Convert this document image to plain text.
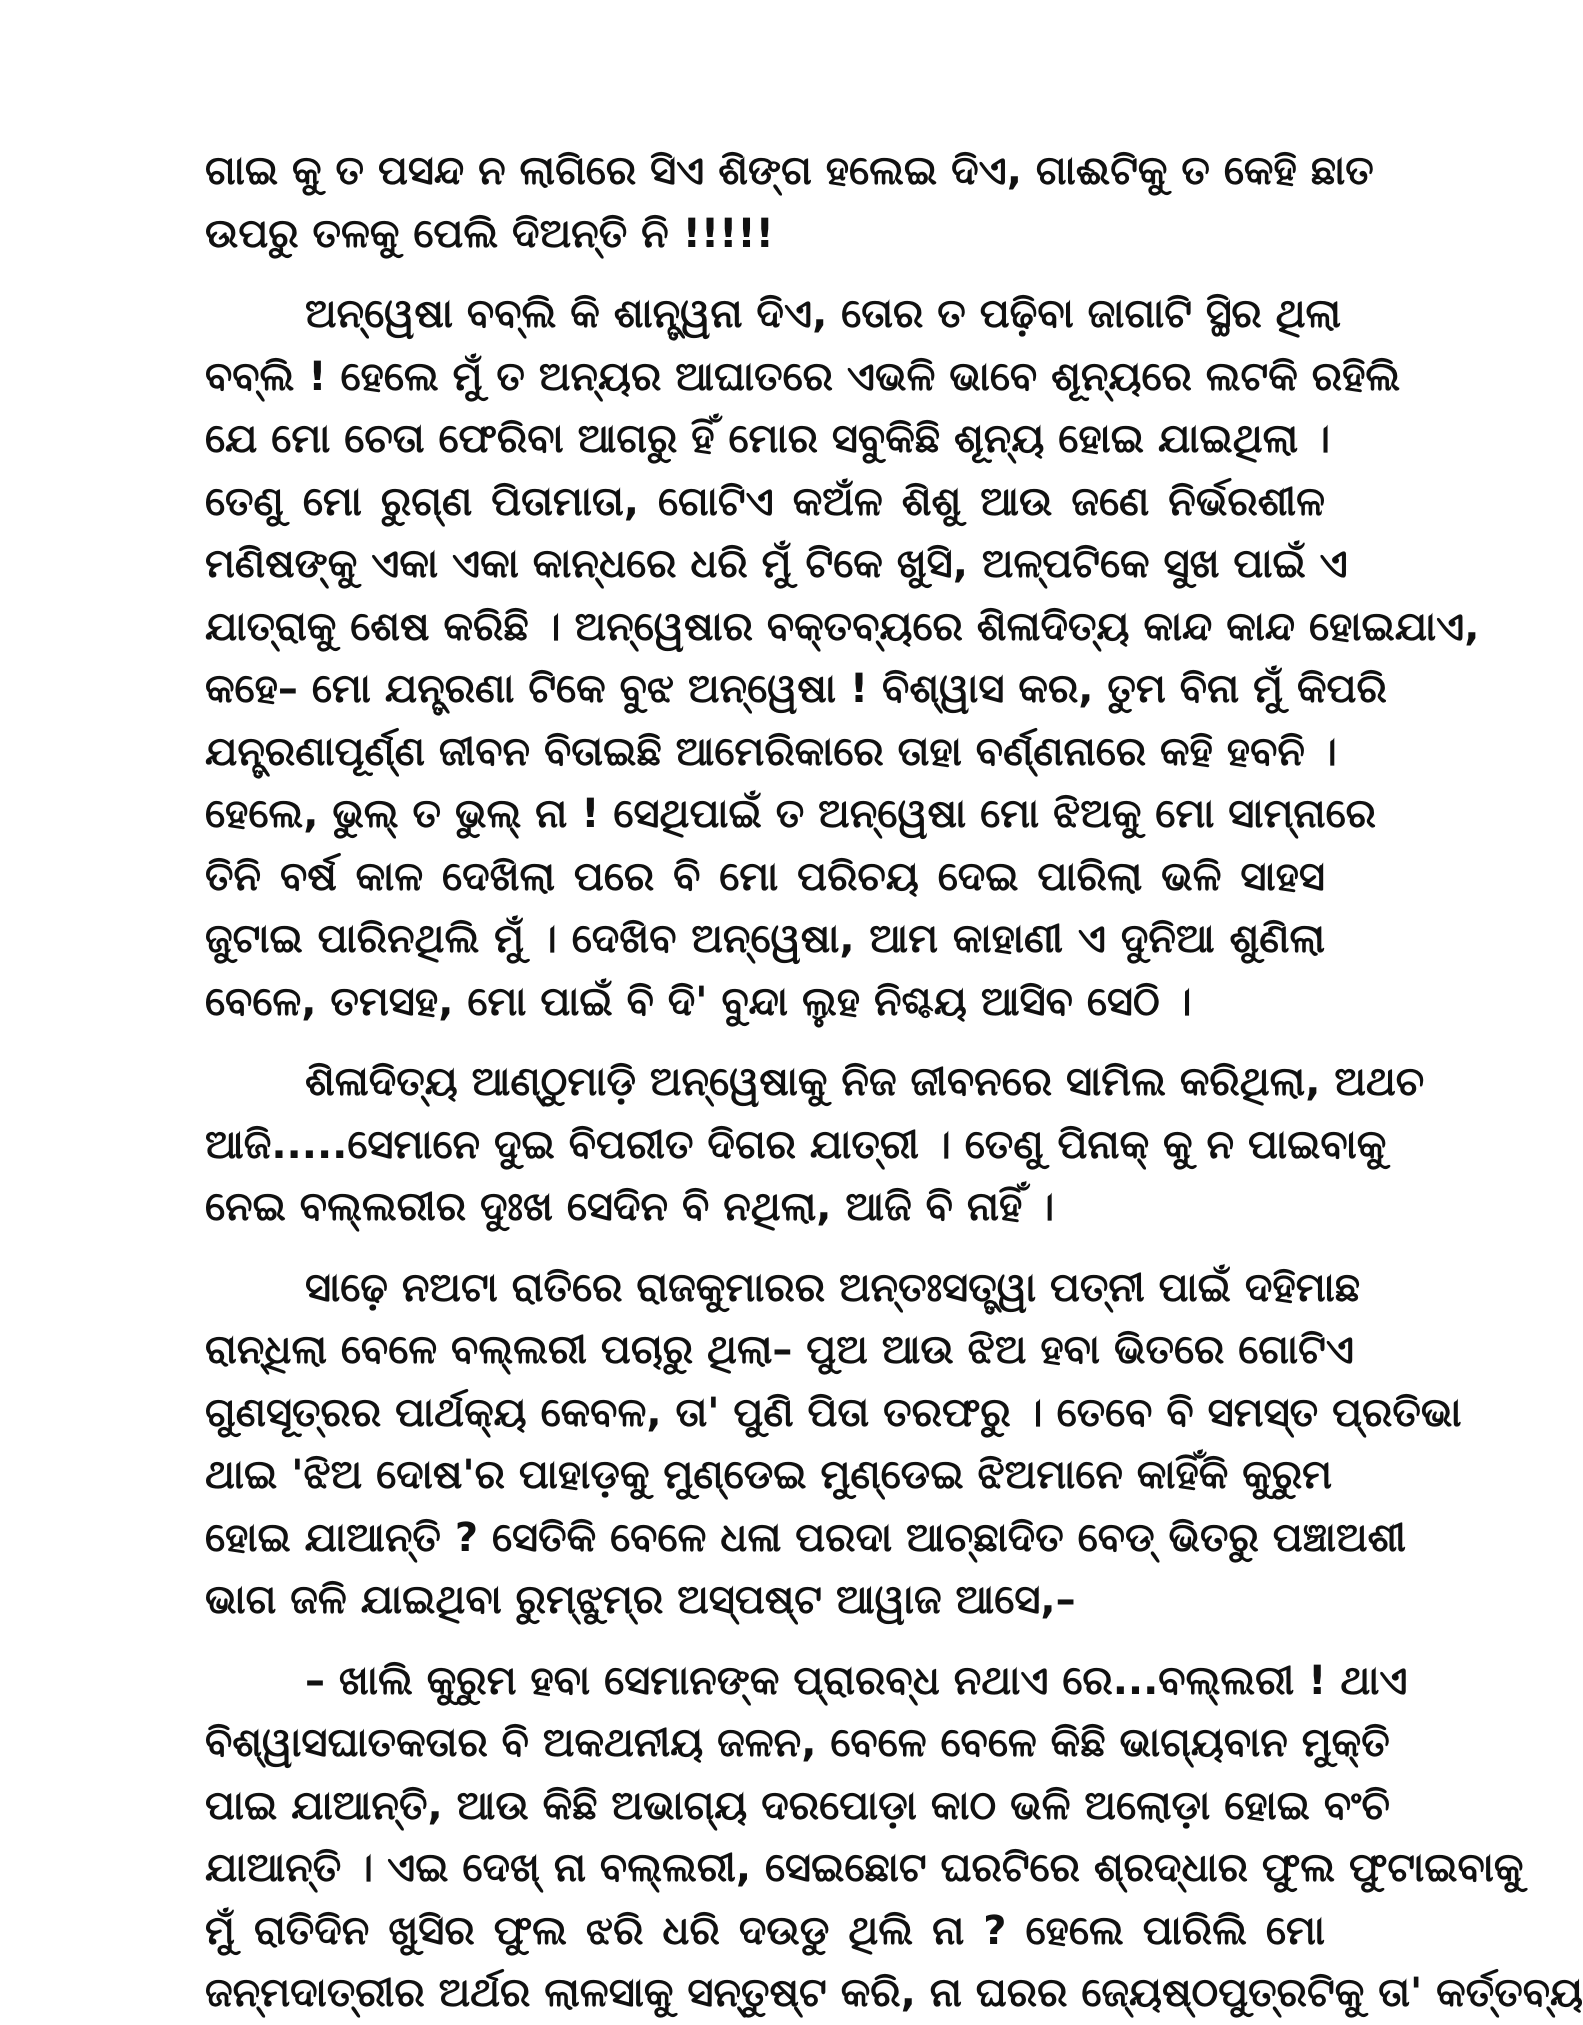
ଗାଇ କୁ ତ ପସନ୍ଦ ନ ଲାଗିରେ ସିଏ ଶିଙ୍ଗ ହଲେଇ ଦିଏ, ଗାଈଟିକୁ ତ କେହି ଛାତ
ଉପରୁ ତଳକୁ ପେଲି ଦିଅନ୍ତି ନି !!!!!
ଅନ୍ୱେଷା ବବ୍ଲି କି ଶାନ୍ତ୍ୱନା ଦିଏ, ତୋର ତ ପଢ଼ିବା ଜାଗାଟି ସ୍ଥିର ଥିଲା
ବବ୍ଲି ! ହେଲେ ମୁଁ ତ ଅନ୍ୟର ଆଘାତରେ ଏଭଳି ଭାବେ ଶୂନ୍ୟରେ ଲଟକି ରହିଲି
ଯେ ମୋ ଚେତା ଫେରିବା ଆଗରୁ ହିଁ ମୋର ସବୁକିଛି ଶୂନ୍ୟ ହୋଇ ଯାଇଥିଲା ।
ତେଣୁ ମୋ ରୁଗ୍ଣ ପିତାମାତା, ଗୋଟିଏ କଅଁଳ ଶିଶୁ ଆଉ ଜଣେ ନିର୍ଭରଶୀଳ
ମଣିଷଙ୍କୁ ଏକା ଏକା କାନ୍ଧରେ ଧରି ମୁଁ ଟିକେ ଖୁସି, ଅଳ୍ପଟିକେ ସୁଖ ପାଇଁ ଏ
ଯାତ୍ରାକୁ ଶେଷ କରିଛି । ଅନ୍ୱେଷାର ବକ୍ତବ୍ୟରେ ଶିଳାଦିତ୍ୟ କାନ୍ଦ କାନ୍ଦ ହୋଇଯାଏ,
କହେ– ମୋ ଯନ୍ତ୍ରଣା ଟିକେ ବୁଝ ଅନ୍ୱେଷା ! ବିଶ୍ୱାସ କର, ତୁମ ବିନା ମୁଁ କିପରି
ଯନ୍ତ୍ରଣାପୂର୍ଣ୍ଣ ଜୀବନ ବିତାଇଛି ଆମେରିକାରେ ତାହା ବର୍ଣ୍ଣନାରେ କହି ହବନି ।
ହେଲେ, ଭୁଲ୍ ତ ଭୁଲ୍ ନା ! ସେଥିପାଇଁ ତ ଅନ୍ୱେଷା ମୋ ଝିଅକୁ ମୋ ସାମ୍ନାରେ
ତିନି ବର୍ଷ କାଳ ଦେଖିଲା ପରେ ବି ମୋ ପରିଚୟ ଦେଇ ପାରିଲା ଭଳି ସାହସ
ଜୁଟାଇ ପାରିନଥିଲି ମୁଁ । ଦେଖିବ ଅନ୍ୱେଷା, ଆମ କାହାଣୀ ଏ ଦୁନିଆ ଶୁଣିଲା
ବେଳେ, ତମସହ, ମୋ ପାଇଁ ବି ଦି' ବୁନ୍ଦା ଲୁହ ନିଶ୍ଚୟ ଆସିବ ସେଠି ।
ଶିଳାଦିତ୍ୟ ଆଣ୍ଠୁମାଡ଼ି ଅନ୍ୱେଷାକୁ ନିଜ ଜୀବନରେ ସାମିଲ କରିଥିଲା, ଅଥଚ
ଆଜି.....ସେମାନେ ଦୁଇ ବିପରୀତ ଦିଗର ଯାତ୍ରୀ । ତେଣୁ ପିନାକ୍ କୁ ନ ପାଇବାକୁ
ନେଇ ବଲ୍ଲରୀର ଦୁଃଖ ସେଦିନ ବି ନଥିଲା, ଆଜି ବି ନାହିଁ ।
ସାଢ଼େ ନଅଟା ରାତିରେ ରାଜକୁମାରର ଅନ୍ତଃସତ୍ତ୍ୱା ପତ୍ନୀ ପାଇଁ ଦହିମାଛ
ରାନ୍ଧିଲା ବେଳେ ବଲ୍ଲରୀ ପଚାରୁ ଥିଲା– ପୁଅ ଆଉ ଝିଅ ହବା ଭିତରେ ଗୋଟିଏ
ଗୁଣସୂତ୍ରର ପାର୍ଥକ୍ୟ କେବଳ, ତା' ପୁଣି ପିତା ତରଫରୁ । ତେବେ ବି ସମସ୍ତ ପ୍ରତିଭା
ଥାଇ 'ଝିଅ ଦୋଷ'ର ପାହାଡ଼କୁ ମୁଣ୍ଡେଇ ମୁଣ୍ଡେଇ ଝିଅମାନେ କାହିଁକି କୁରୁମ
ହୋଇ ଯାଆନ୍ତି ? ସେତିକି ବେଳେ ଧଳା ପରଦା ଆଚ୍ଛାଦିତ ବେଡ୍ ଭିତରୁ ପଞ୍ଚାଅଶୀ
ଭାଗ ଜଳି ଯାଇଥିବା ରୁମ୍‌ଝୁମ୍‌ର ଅସ୍ପଷ୍ଟ ଆୱାଜ ଆସେ,–
– ଖାଲି କୁରୁମ ହବା ସେମାନଙ୍କ ପ୍ରାରବ୍ଧ ନଥାଏ ରେ...ବଲ୍ଲରୀ ! ଥାଏ
ବିଶ୍ୱାସଘାତକତାର ବି ଅକଥନୀୟ ଜଳନ, ବେଳେ ବେଳେ କିଛି ଭାଗ୍ୟବାନ ମୁକ୍ତି
ପାଇ ଯାଆନ୍ତି, ଆଉ କିଛି ଅଭାଗ୍ୟ ଦରପୋଡ଼ା କାଠ ଭଳି ଅଲୋଡ଼ା ହୋଇ ବଂଚି
ଯାଆନ୍ତି । ଏଇ ଦେଖ୍ ନା ବଲ୍ଲରୀ, ସେଇଛୋଟ ଘରଟିରେ ଶ୍ରଦ୍ଧାର ଫୁଲ ଫୁଟାଇବାକୁ
ମୁଁ ରାତିଦିନ ଖୁସିର ଫୁଲ ଝରି ଧରି ଦଉଡୁ ଥିଲି ନା ? ହେଲେ ପାରିଲି ମୋ
ଜନ୍ମଦାତ୍ରୀର ଅର୍ଥର ଲାଳସାକୁ ସନ୍ତୁଷ୍ଟ କରି, ନା ଘରର ଜ୍ୟେଷ୍ଠପୁତ୍ରଟିକୁ ତା' କର୍ତ୍ତବ୍ୟ
